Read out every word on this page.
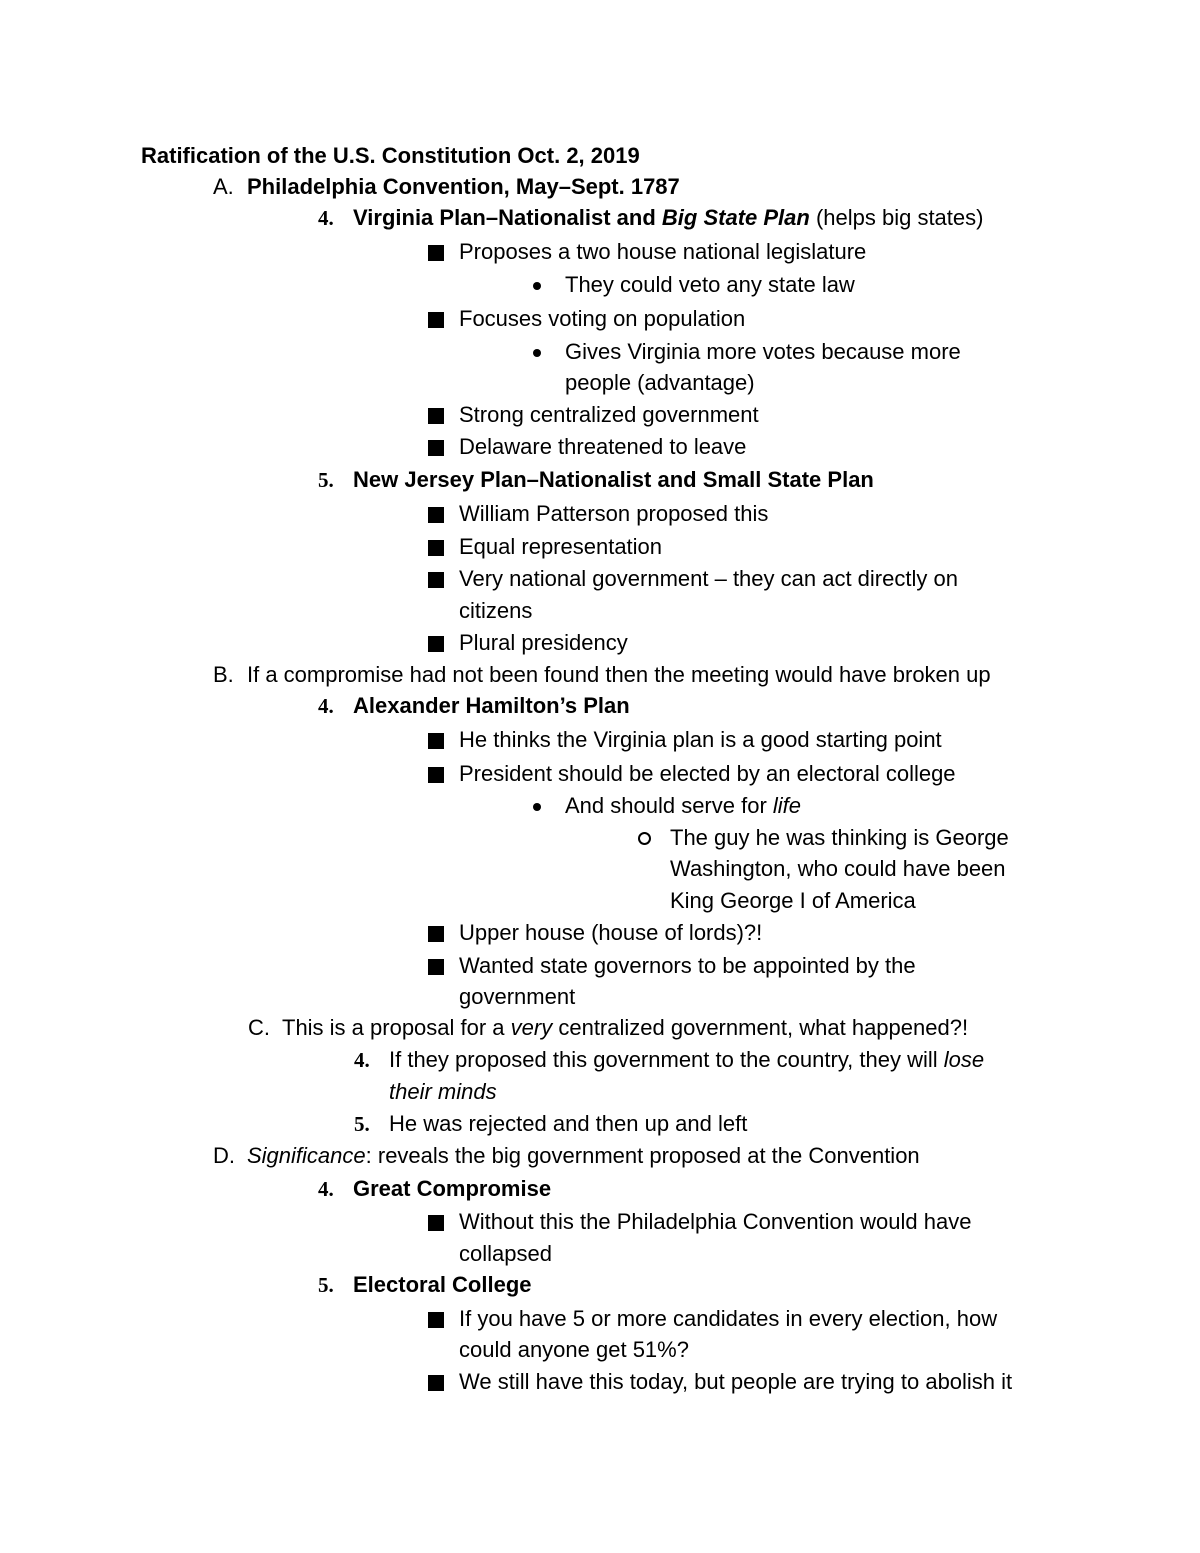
Ratification of the U.S. Constitution Oct. 2, 2019
A. Philadelphia Convention, May–Sept. 1787
4. Virginia Plan–Nationalist and Big State Plan (helps big states)
Proposes a two house national legislature
They could veto any state law
Focuses voting on population
Gives Virginia more votes because more
people (advantage)
Strong centralized government
Delaware threatened to leave
5. New Jersey Plan–Nationalist and Small State Plan
William Patterson proposed this
Equal representation
Very national government – they can act directly on
citizens
Plural presidency
B. If a compromise had not been found then the meeting would have broken up
4. Alexander Hamilton’s Plan
He thinks the Virginia plan is a good starting point
President should be elected by an electoral college
And should serve for life
The guy he was thinking is George
Washington, who could have been
King George I of America
Upper house (house of lords)?!
Wanted state governors to be appointed by the
government
C. This is a proposal for a very centralized government, what happened?!
4. If they proposed this government to the country, they will lose
their minds
5. He was rejected and then up and left
D. Significance: reveals the big government proposed at the Convention
4. Great Compromise
Without this the Philadelphia Convention would have
collapsed
5. Electoral College
If you have 5 or more candidates in every election, how
could anyone get 51%?
We still have this today, but people are trying to abolish it
